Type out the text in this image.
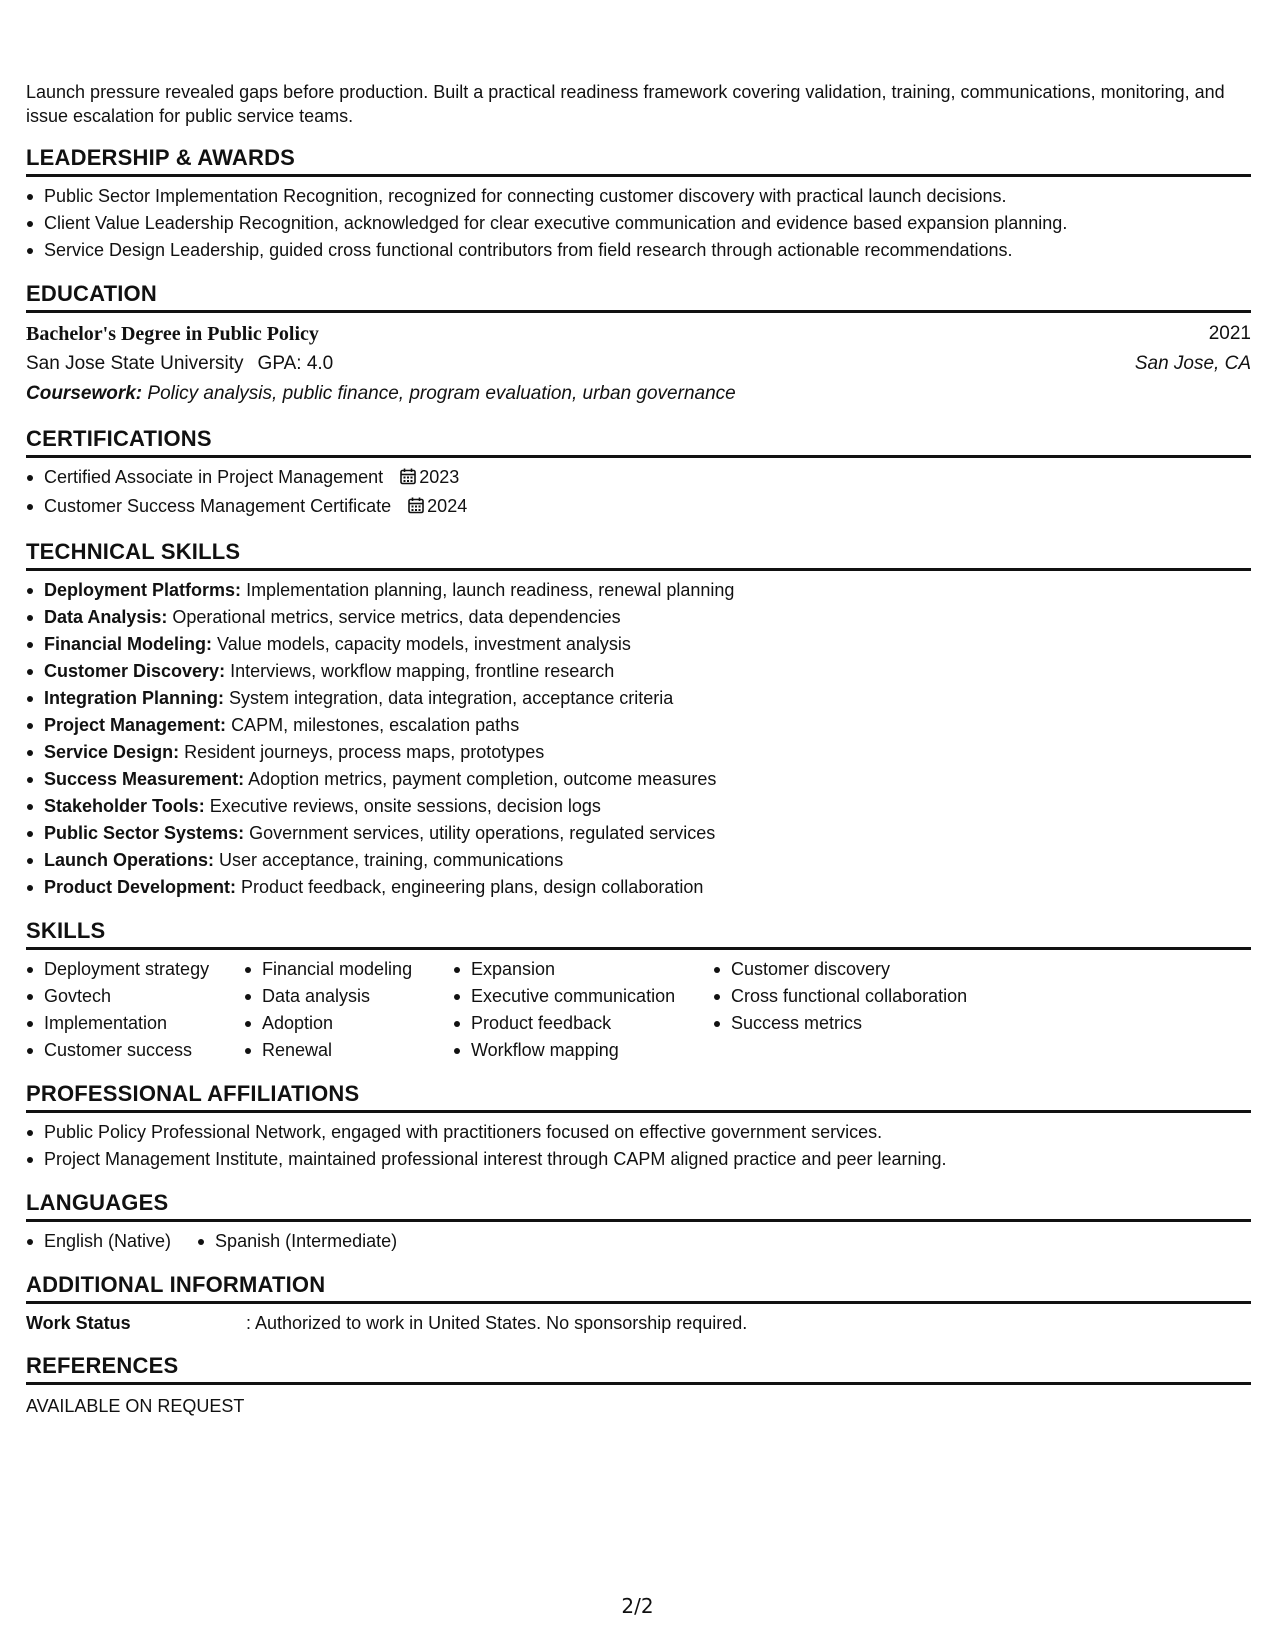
Launch pressure revealed gaps before production. Built a practical readiness framework covering validation, training, communications, monitoring, and issue escalation for public service teams.
LEADERSHIP & AWARDS
Public Sector Implementation Recognition, recognized for connecting customer discovery with practical launch decisions.
Client Value Leadership Recognition, acknowledged for clear executive communication and evidence based expansion planning.
Service Design Leadership, guided cross functional contributors from field research through actionable recommendations.
EDUCATION
Bachelor's Degree in Public Policy	2021
San Jose State University GPA: 4.0	San Jose, CA
Coursework: Policy analysis, public finance, program evaluation, urban governance
CERTIFICATIONS
Certified Associate in Project Management 2023
Customer Success Management Certificate 2024
TECHNICAL SKILLS
Deployment Platforms: Implementation planning, launch readiness, renewal planning
Data Analysis: Operational metrics, service metrics, data dependencies
Financial Modeling: Value models, capacity models, investment analysis
Customer Discovery: Interviews, workflow mapping, frontline research
Integration Planning: System integration, data integration, acceptance criteria
Project Management: CAPM, milestones, escalation paths
Service Design: Resident journeys, process maps, prototypes
Success Measurement: Adoption metrics, payment completion, outcome measures
Stakeholder Tools: Executive reviews, onsite sessions, decision logs
Public Sector Systems: Government services, utility operations, regulated services
Launch Operations: User acceptance, training, communications
Product Development: Product feedback, engineering plans, design collaboration
SKILLS
Deployment strategy
Govtech
Implementation
Customer success
Financial modeling
Data analysis
Adoption
Renewal
Expansion
Executive communication
Product feedback
Workflow mapping
Customer discovery
Cross functional collaboration
Success metrics
PROFESSIONAL AFFILIATIONS
Public Policy Professional Network, engaged with practitioners focused on effective government services.
Project Management Institute, maintained professional interest through CAPM aligned practice and peer learning.
LANGUAGES
English (Native)	Spanish (Intermediate)
ADDITIONAL INFORMATION
Work Status	: Authorized to work in United States. No sponsorship required.
REFERENCES
AVAILABLE ON REQUEST
2/2
